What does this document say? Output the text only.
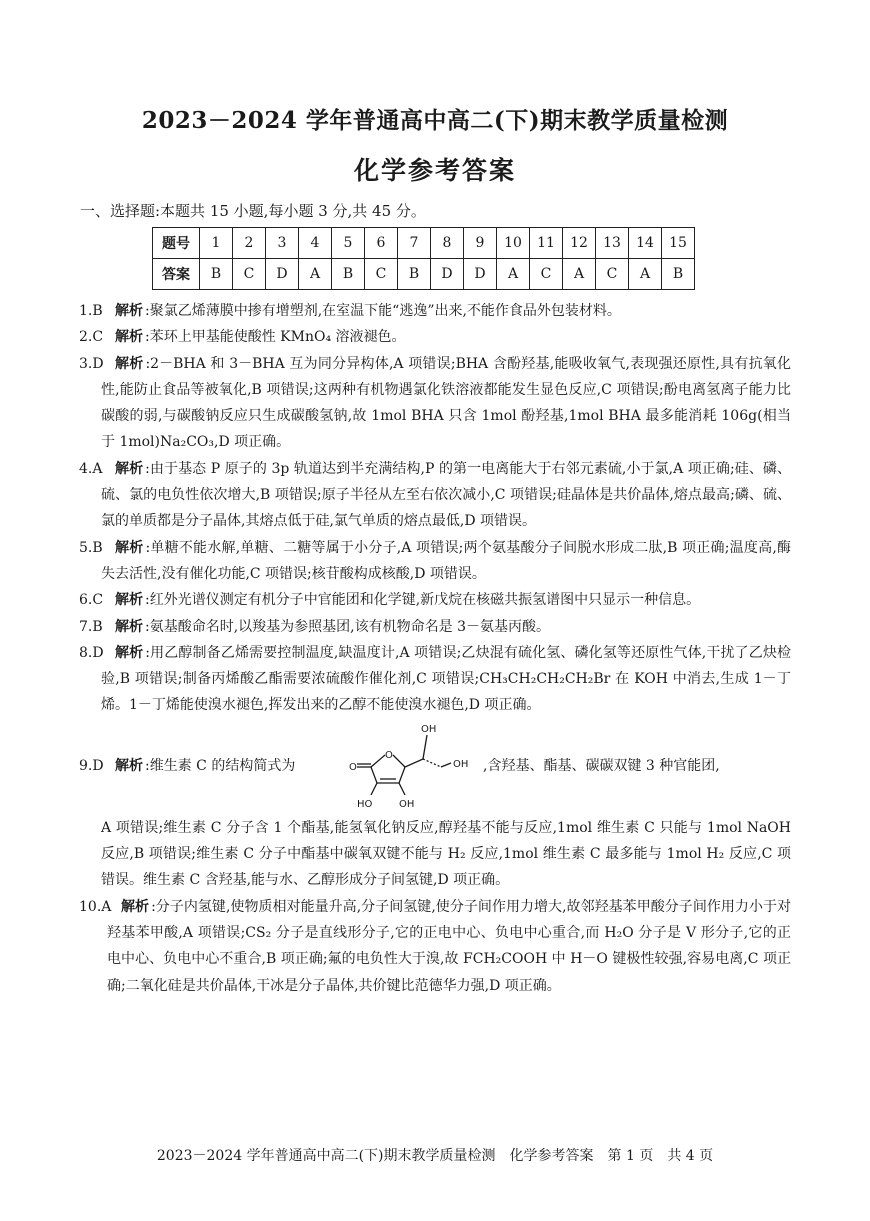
2023－2024 学年普通高中高二(下)期末教学质量检测
化学参考答案
一、选择题:本题共 15 小题,每小题 3 分,共 45 分。
题号	1	2	3	4	5	6	7	8	9	10	11	12	13	14	15
答案	B	C	D	A	B	C	B	D	D	A	C	A	C	A	B
1.B 解析 :聚氯乙烯薄膜中掺有增塑剂,在室温下能“逃逸”出来,不能作食品外包装材料。
2.C 解析 :苯环上甲基能使酸性 KMnO₄ 溶液褪色。
3.D 解析 :2－BHA 和 3－BHA 互为同分异构体,A 项错误;BHA 含酚羟基,能吸收氧气,表现强还原性,具有抗氧化性,能防止食品等被氧化,B 项错误;这两种有机物遇氯化铁溶液都能发生显色反应,C 项错误;酚电离氢离子能力比碳酸的弱,与碳酸钠反应只生成碳酸氢钠,故 1mol BHA 只含 1mol 酚羟基,1mol BHA 最多能消耗 106g(相当于 1mol)Na₂CO₃,D 项正确。
4.A 解析 :由于基态 P 原子的 3p 轨道达到半充满结构,P 的第一电离能大于右邻元素硫,小于氯,A 项正确;硅、磷、硫、氯的电负性依次增大,B 项错误;原子半径从左至右依次减小,C 项错误;硅晶体是共价晶体,熔点最高;磷、硫、氯的单质都是分子晶体,其熔点低于硅,氯气单质的熔点最低,D 项错误。
5.B 解析 :单糖不能水解,单糖、二糖等属于小分子,A 项错误;两个氨基酸分子间脱水形成二肽,B 项正确;温度高,酶失去活性,没有催化功能,C 项错误;核苷酸构成核酸,D 项错误。
6.C 解析 :红外光谱仪测定有机分子中官能团和化学键,新戊烷在核磁共振氢谱图中只显示一种信息。
7.B 解析 :氨基酸命名时,以羧基为参照基团,该有机物命名是 3－氨基丙酸。
8.D 解析 :用乙醇制备乙烯需要控制温度,缺温度计,A 项错误;乙炔混有硫化氢、磷化氢等还原性气体,干扰了乙炔检验,B 项错误;制备丙烯酸乙酯需要浓硫酸作催化剂,C 项错误;CH₃CH₂CH₂CH₂Br 在 KOH 中消去,生成 1－丁烯。1－丁烯能使溴水褪色,挥发出来的乙醇不能使溴水褪色,D 项正确。
9.D 解析 :维生素 C 的结构简式为	O
O
OH
OH
HO	OH
,含羟基、酯基、碳碳双键 3 种官能团,
A 项错误;维生素 C 分子含 1 个酯基,能氢氧化钠反应,醇羟基不能与反应,1mol 维生素 C 只能与 1mol NaOH 反应,B 项错误;维生素 C 分子中酯基中碳氧双键不能与 H₂ 反应,1mol 维生素 C 最多能与 1mol H₂ 反应,C 项错误。维生素 C 含羟基,能与水、乙醇形成分子间氢键,D 项正确。
10.A 解析 :分子内氢键,使物质相对能量升高,分子间氢键,使分子间作用力增大,故邻羟基苯甲酸分子间作用力小于对羟基苯甲酸,A 项错误;CS₂ 分子是直线形分子,它的正电中心、负电中心重合,而 H₂O 分子是 V 形分子,它的正电中心、负电中心不重合,B 项正确;氟的电负性大于溴,故 FCH₂COOH 中 H－O 键极性较强,容易电离,C 项正确;二氧化硅是共价晶体,干冰是分子晶体,共价键比范德华力强,D 项正确。
2023－2024 学年普通高中高二(下)期末教学质量检测　化学参考答案　第 1 页　共 4 页
